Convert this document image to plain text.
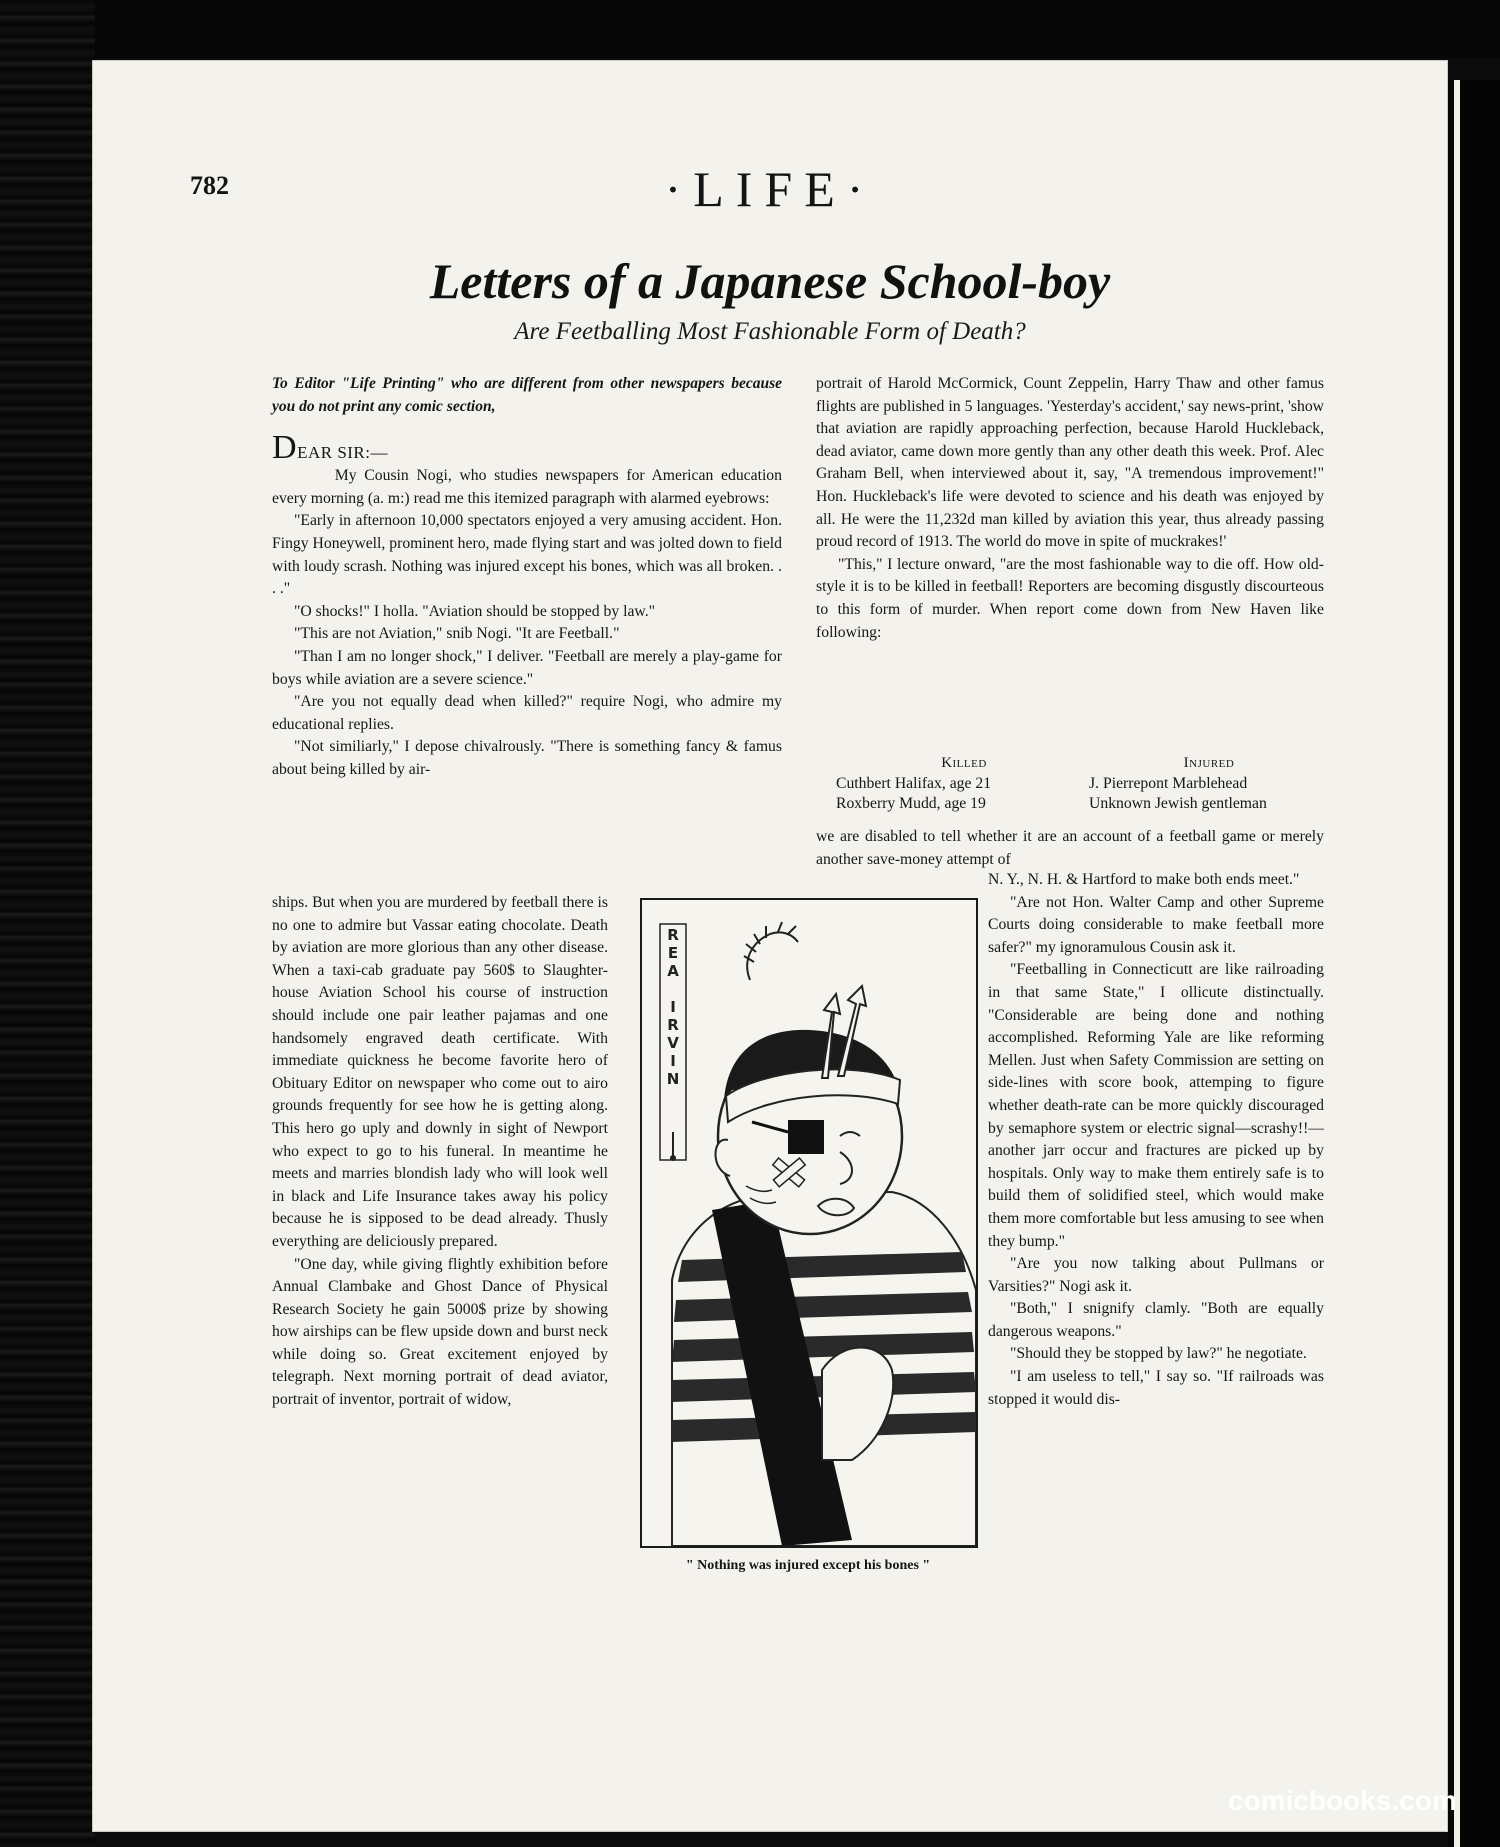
782	·LIFE·
Letters of a Japanese School-boy
Are Feetballing Most Fashionable Form of Death?

To Editor "Life Printing" who are different from other newspapers because you do not print any comic section,

DEAR SIR:—

My Cousin Nogi, who studies newspapers for American education every morning (a. m:) read me this itemized paragraph with alarmed eyebrows:

"Early in afternoon 10,000 spectators enjoyed a very amusing accident. Hon. Fingy Honeywell, prominent hero, made flying start and was jolted down to field with loudy scrash. Nothing was injured except his bones, which was all broken. . . ."

"O shocks!" I holla. "Aviation should be stopped by law."

"This are not Aviation," snib Nogi. "It are Feetball."

"Than I am no longer shock," I deliver. "Feetball are merely a play-game for boys while aviation are a severe science."

"Are you not equally dead when killed?" require Nogi, who admire my educational replies.

"Not similiarly," I depose chivalrously. "There is something fancy & famus about being killed by air-

ships. But when you are murdered by feetball there is no one to admire but Vassar eating chocolate. Death by aviation are more glorious than any other disease. When a taxi-cab graduate pay 560$ to Slaughter-house Aviation School his course of instruction should include one pair leather pajamas and one handsomely engraved death certificate. With immediate quickness he become favorite hero of Obituary Editor on newspaper who come out to airo grounds frequently for see how he is getting along. This hero go uply and downly in sight of Newport who expect to go to his funeral. In meantime he meets and marries blondish lady who will look well in black and Life Insurance takes away his policy because he is sipposed to be dead already. Thusly everything are deliciously prepared.

"One day, while giving flightly exhibition before Annual Clambake and Ghost Dance of Physical Research Society he gain 5000$ prize by showing how airships can be flew upside down and burst neck while doing so. Great excitement enjoyed by telegraph. Next morning portrait of dead aviator, portrait of inventor, portrait of widow,

portrait of Harold McCormick, Count Zeppelin, Harry Thaw and other famus flights are published in 5 languages. 'Yesterday's accident,' say news-print, 'show that aviation are rapidly approaching perfection, because Harold Huckleback, dead aviator, came down more gently than any other death this week. Prof. Alec Graham Bell, when interviewed about it, say, "A tremendous improvement!" Hon. Huckleback's life were devoted to science and his death was enjoyed by all. He were the 11,232d man killed by aviation this year, thus already passing proud record of 1913. The world do move in spite of muckrakes!'

"This," I lecture onward, "are the most fashionable way to die off. How old-style it is to be killed in feetball! Reporters are becoming disgustly discourteous to this form of murder. When report come down from New Haven like following:

Killed	Injured
Cuthbert Halifax, age 21
Roxberry Mudd, age 19
J. Pierrepont Marblehead
Unknown Jewish gentleman

we are disabled to tell whether it are an account of a feetball game or merely another save-money attempt of

N. Y., N. H. & Hartford to make both ends meet."

"Are not Hon. Walter Camp and other Supreme Courts doing considerable to make feetball more safer?" my ignoramulous Cousin ask it.

"Feetballing in Connecticutt are like railroading in that same State," I ollicute distinctually. "Considerable are being done and nothing accomplished. Reforming Yale are like reforming Mellen. Just when Safety Commission are setting on side-lines with score book, attemping to figure whether death-rate can be more quickly discouraged by semaphore system or electric signal—scrashy!!—another jarr occur and fractures are picked up by hospitals. Only way to make them entirely safe is to build them of solidified steel, which would make them more comfortable but less amusing to see when they bump."

"Are you now talking about Pullmans or Varsities?" Nogi ask it.

"Both," I snignify clamly. "Both are equally dangerous weapons."

"Should they be stopped by law?" he negotiate.

"I am useless to tell," I say so. "If railroads was stopped it would dis-

R E A I R V I N
" Nothing was injured except his bones "
comicbooks.com
